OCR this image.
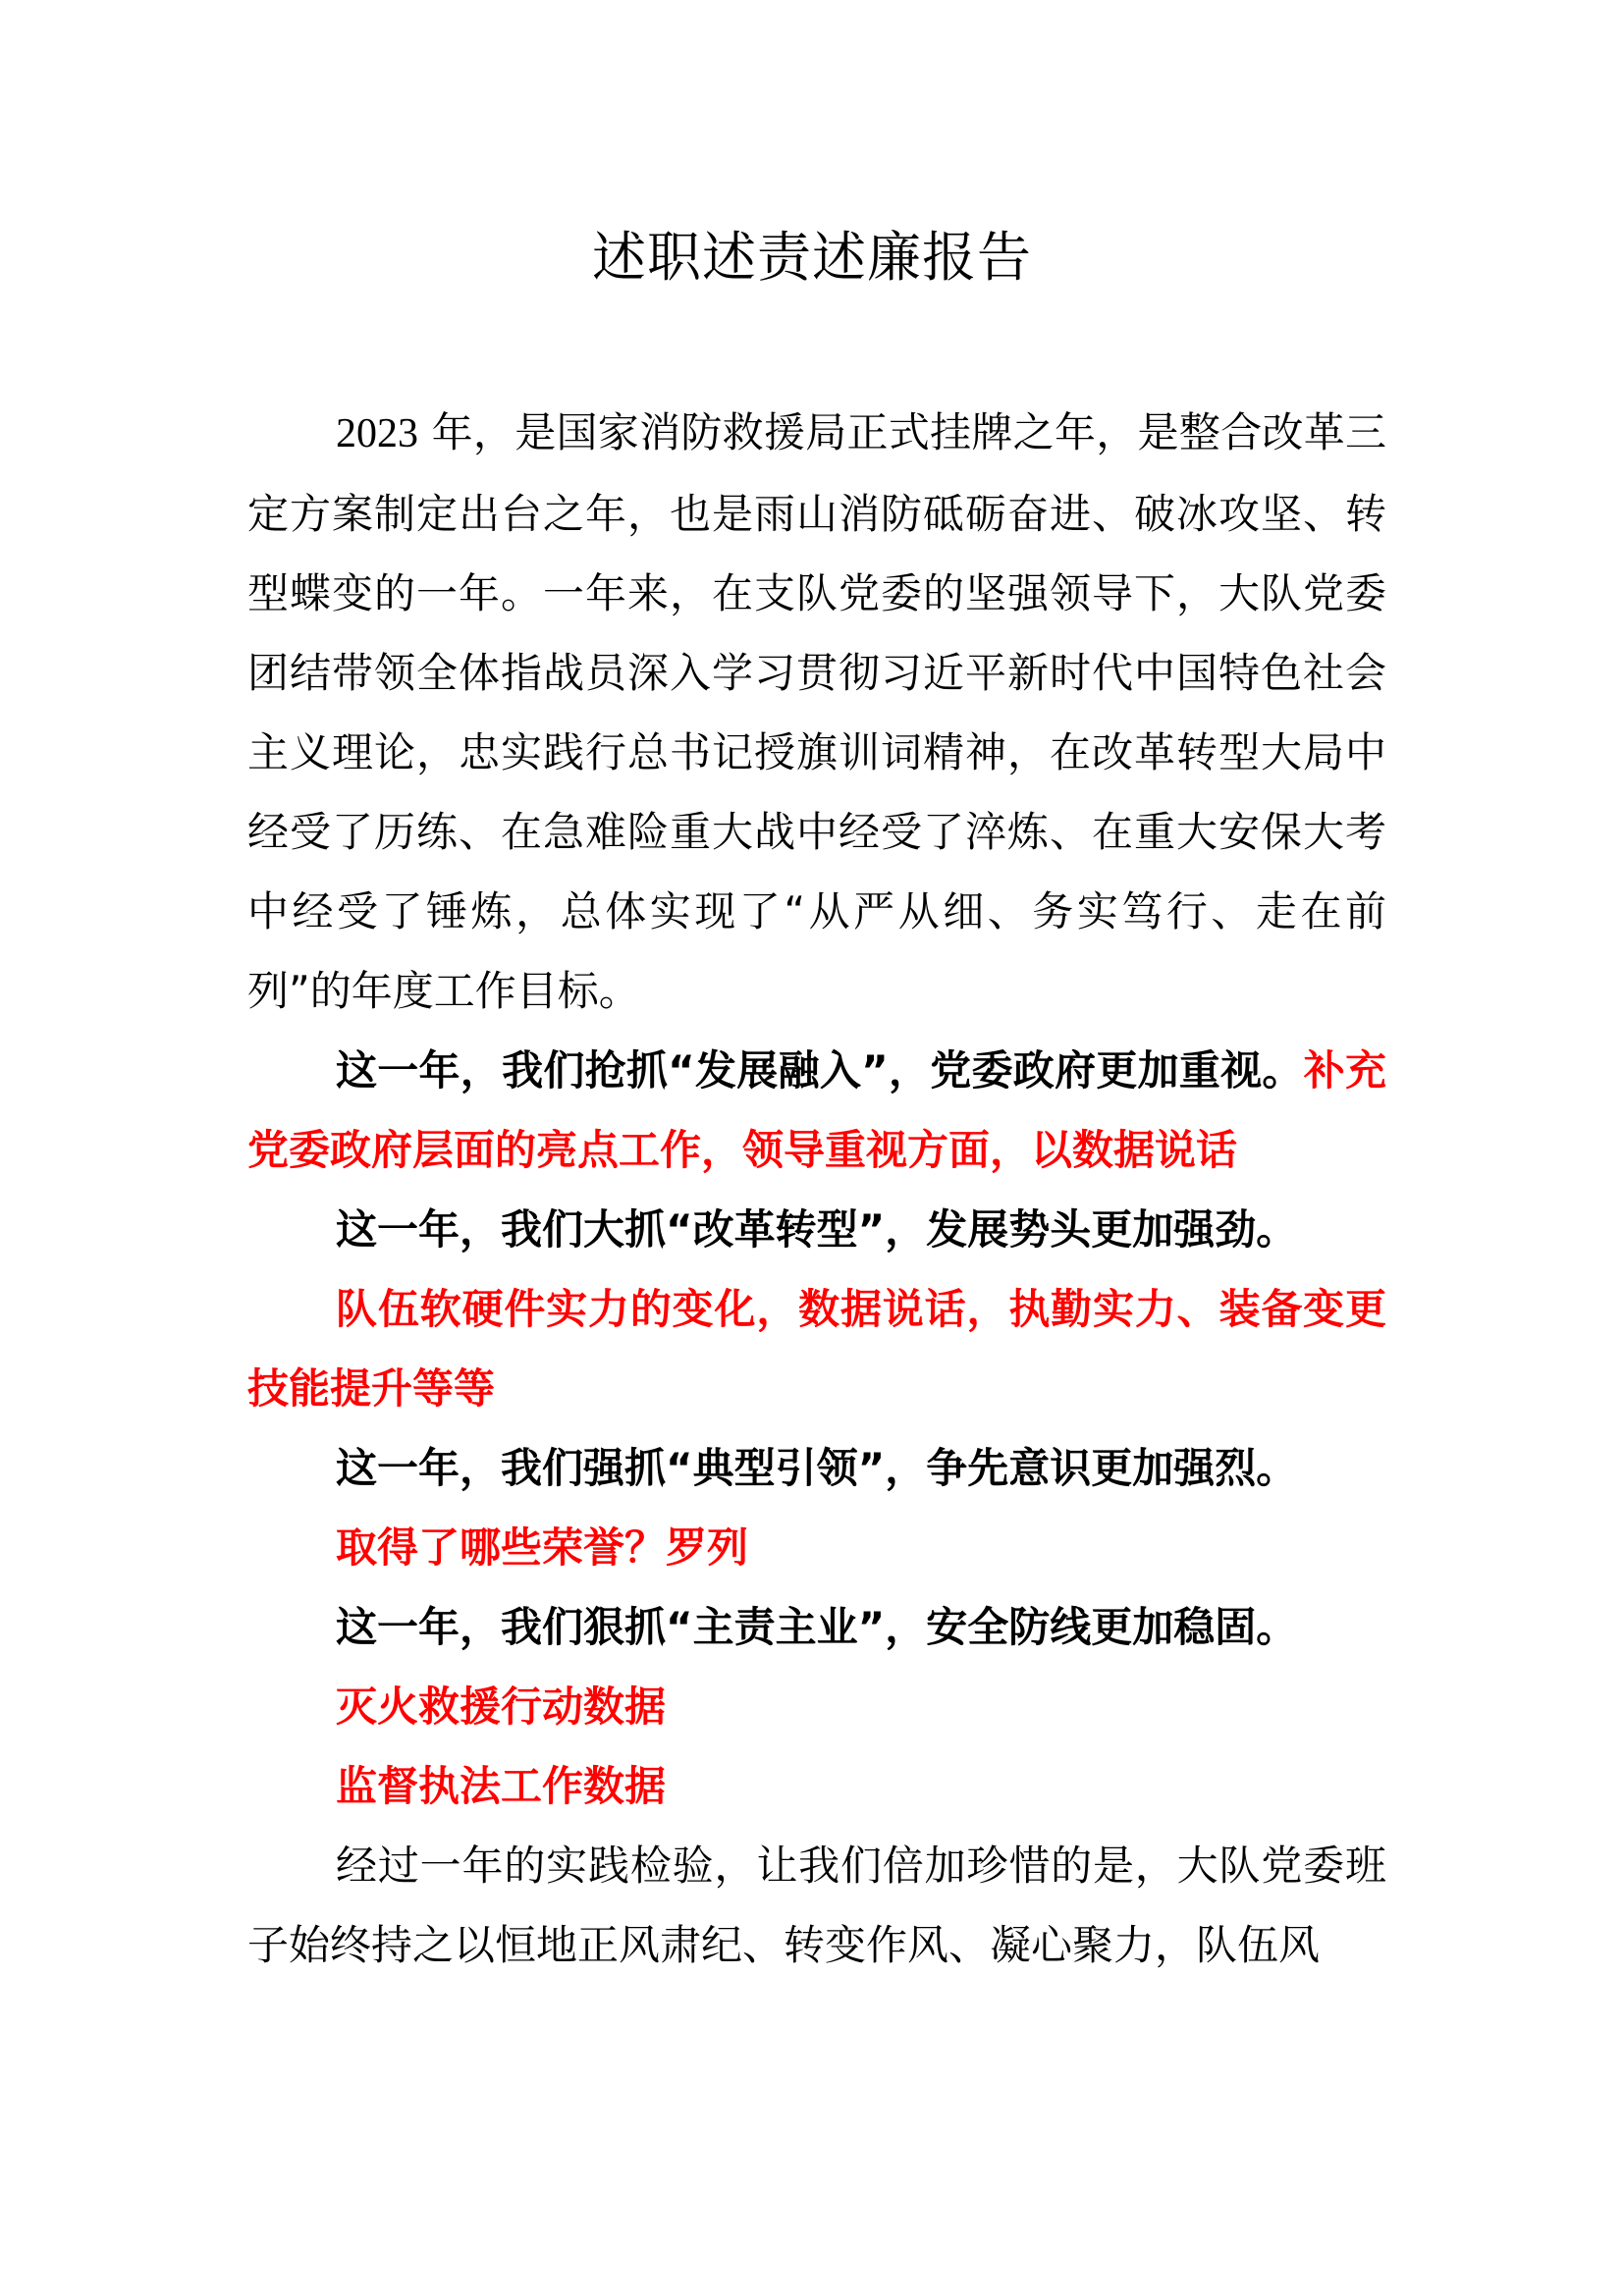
述职述责述廉报告

2023 年，是国家消防救援局正式挂牌之年，是整合改革三定方案制定出台之年，也是雨山消防砥砺奋进、破冰攻坚、转型蝶变的一年。一年来，在支队党委的坚强领导下，大队党委团结带领全体指战员深入学习贯彻习近平新时代中国特色社会主义理论，忠实践行总书记授旗训词精神，在改革转型大局中经受了历练、在急难险重大战中经受了淬炼、在重大安保大考中经受了锤炼，总体实现了“从严从细、务实笃行、走在前列”的年度工作目标。

这一年，我们抢抓“发展融入”，党委政府更加重视。补充党委政府层面的亮点工作，领导重视方面，以数据说话

这一年，我们大抓“改革转型”，发展势头更加强劲。

队伍软硬件实力的变化，数据说话，执勤实力、装备变更技能提升等等

这一年，我们强抓“典型引领”，争先意识更加强烈。

取得了哪些荣誉？罗列

这一年，我们狠抓“主责主业”，安全防线更加稳固。

灭火救援行动数据

监督执法工作数据

经过一年的实践检验，让我们倍加珍惜的是，大队党委班子始终持之以恒地正风肃纪、转变作风、凝心聚力，队伍风
